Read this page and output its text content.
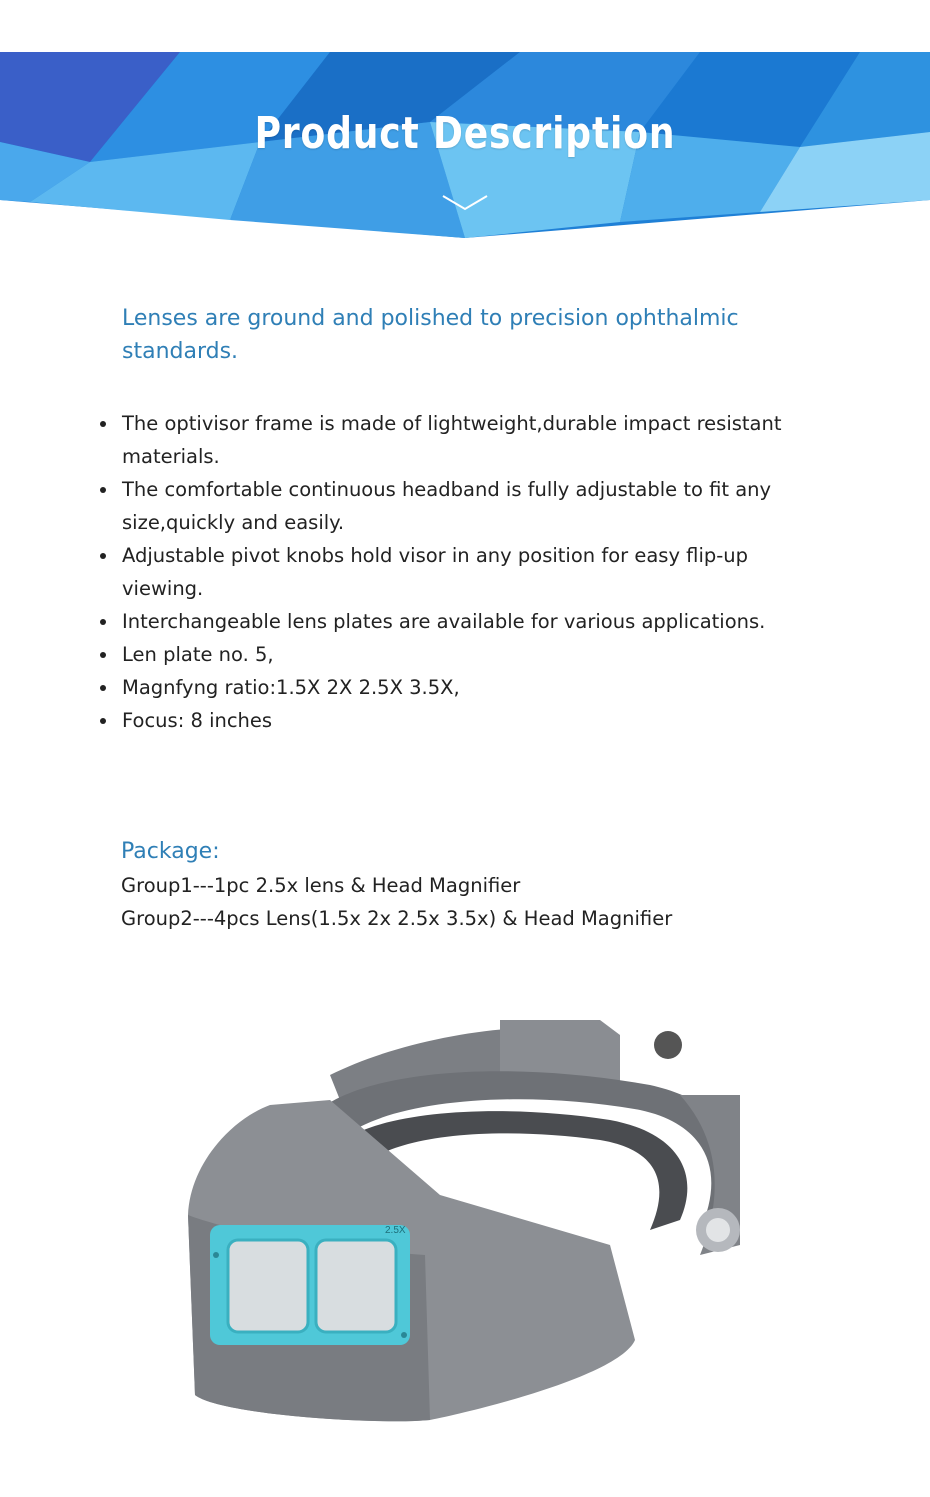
Product Description
Lenses are ground and polished to precision ophthalmic standards.
The optivisor frame is made of lightweight,durable impact resistant materials.
The comfortable continuous headband is fully adjustable to fit any size,quickly and easily.
Adjustable pivot knobs hold visor in any position for easy flip-up viewing.
Interchangeable lens plates are available for various applications.
Len plate no. 5,
Magnfyng ratio:1.5X 2X 2.5X 3.5X,
Focus: 8 inches
Package:
Group1---1pc 2.5x lens & Head Magnifier
Group2---4pcs Lens(1.5x 2x 2.5x 3.5x) & Head Magnifier
2.5X
